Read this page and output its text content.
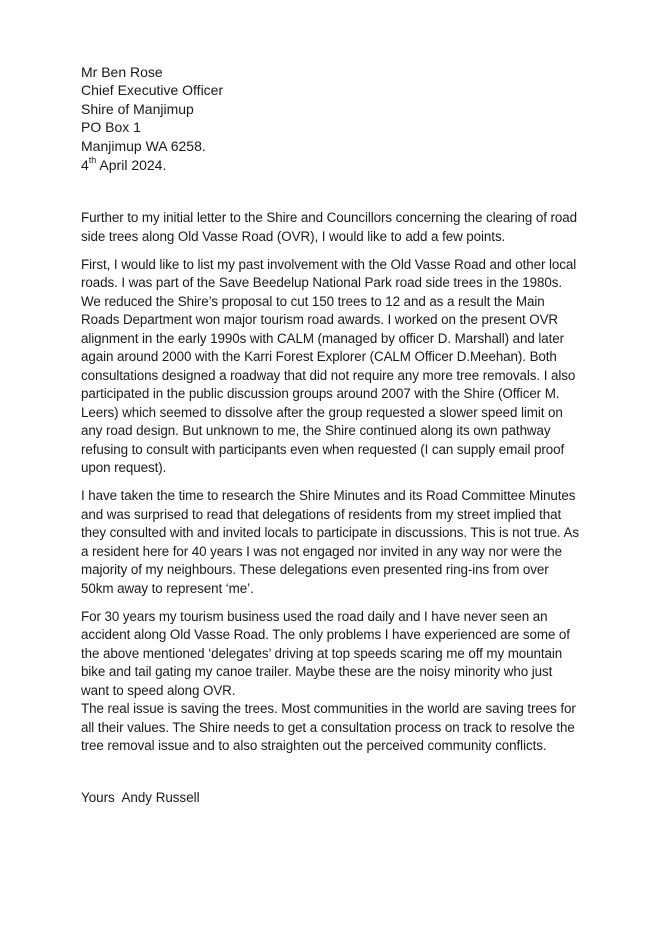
Mr Ben Rose
Chief Executive Officer
Shire of Manjimup
PO Box 1
Manjimup WA 6258.
4th April 2024.

Further to my initial letter to the Shire and Councillors concerning the clearing of road side trees along Old Vasse Road (OVR), I would like to add a few points.

First, I would like to list my past involvement with the Old Vasse Road and other local roads. I was part of the Save Beedelup National Park road side trees in the 1980s. We reduced the Shire’s proposal to cut 150 trees to 12 and as a result the Main Roads Department won major tourism road awards. I worked on the present OVR alignment in the early 1990s with CALM (managed by officer D. Marshall) and later again around 2000 with the Karri Forest Explorer (CALM Officer D.Meehan). Both consultations designed a roadway that did not require any more tree removals. I also participated in the public discussion groups around 2007 with the Shire (Officer M. Leers) which seemed to dissolve after the group requested a slower speed limit on any road design. But unknown to me, the Shire continued along its own pathway refusing to consult with participants even when requested (I can supply email proof upon request).

I have taken the time to research the Shire Minutes and its Road Committee Minutes and was surprised to read that delegations of residents from my street implied that they consulted with and invited locals to participate in discussions. This is not true. As a resident here for 40 years I was not engaged nor invited in any way nor were the majority of my neighbours. These delegations even presented ring-ins from over 50km away to represent ‘me’.

For 30 years my tourism business used the road daily and I have never seen an accident along Old Vasse Road. The only problems I have experienced are some of the above mentioned ‘delegates’ driving at top speeds scaring me off my mountain bike and tail gating my canoe trailer. Maybe these are the noisy minority who just want to speed along OVR.

The real issue is saving the trees. Most communities in the world are saving trees for all their values. The Shire needs to get a consultation process on track to resolve the tree removal issue and to also straighten out the perceived community conflicts.

Yours  Andy Russell
